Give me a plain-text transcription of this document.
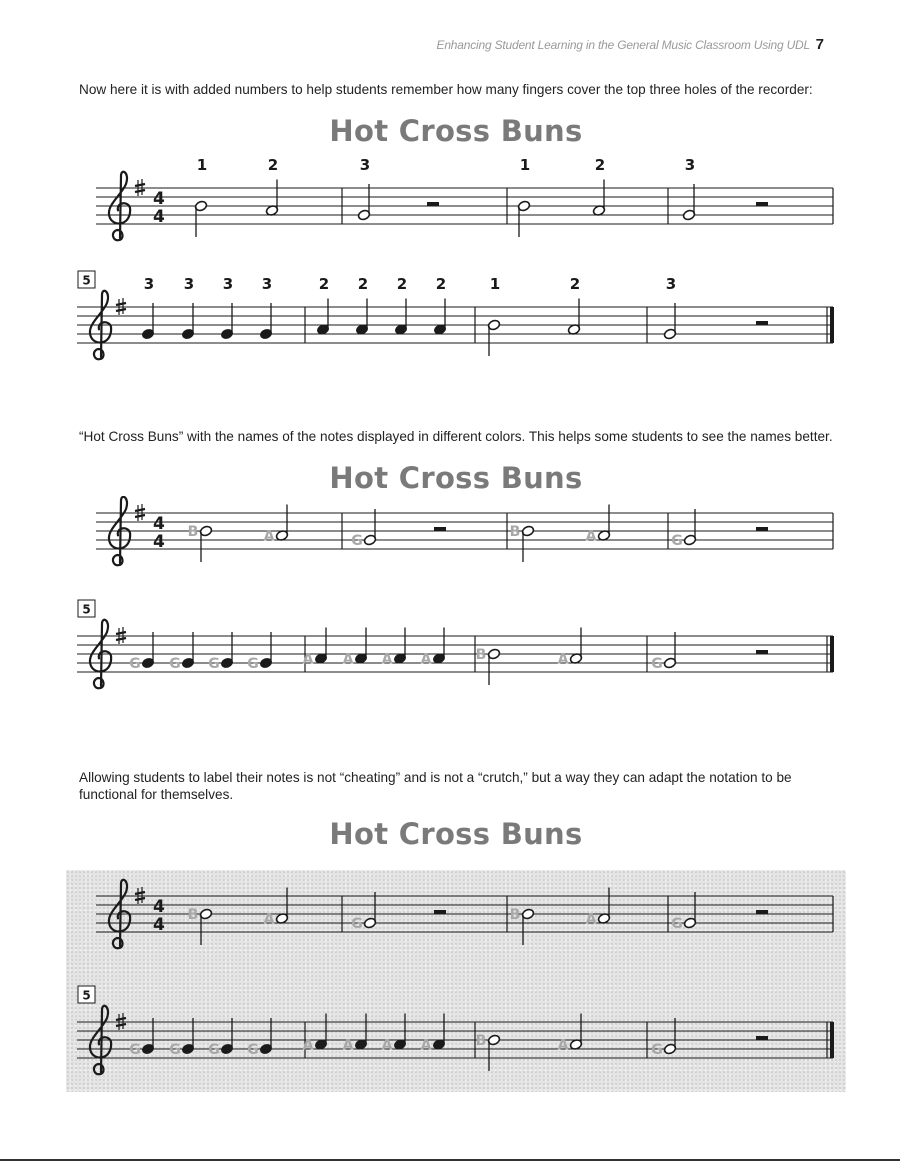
Enhancing Student Learning in the General Music Classroom Using UDL 7
Now here it is with added numbers to help students remember how many fingers cover the top three holes of the recorder:
Hot Cross Buns
4
4
1	2	3	1	2	3
5	3 3 3 3	2 2 2 2	1	2	3
“Hot Cross Buns” with the names of the notes displayed in different colors. This helps some students to see the names better.
Hot Cross Buns
4
4 B	A	G
B	A	G
5
G G G G	A A A A	B	A	G
Allowing students to label their notes is not “cheating” and is not a “crutch,” but a way they can adapt the notation to be functional for themselves.
Hot Cross Buns
4
4 B	A	G
B	A	G
5
G G G G	A A A A	B	A	G
